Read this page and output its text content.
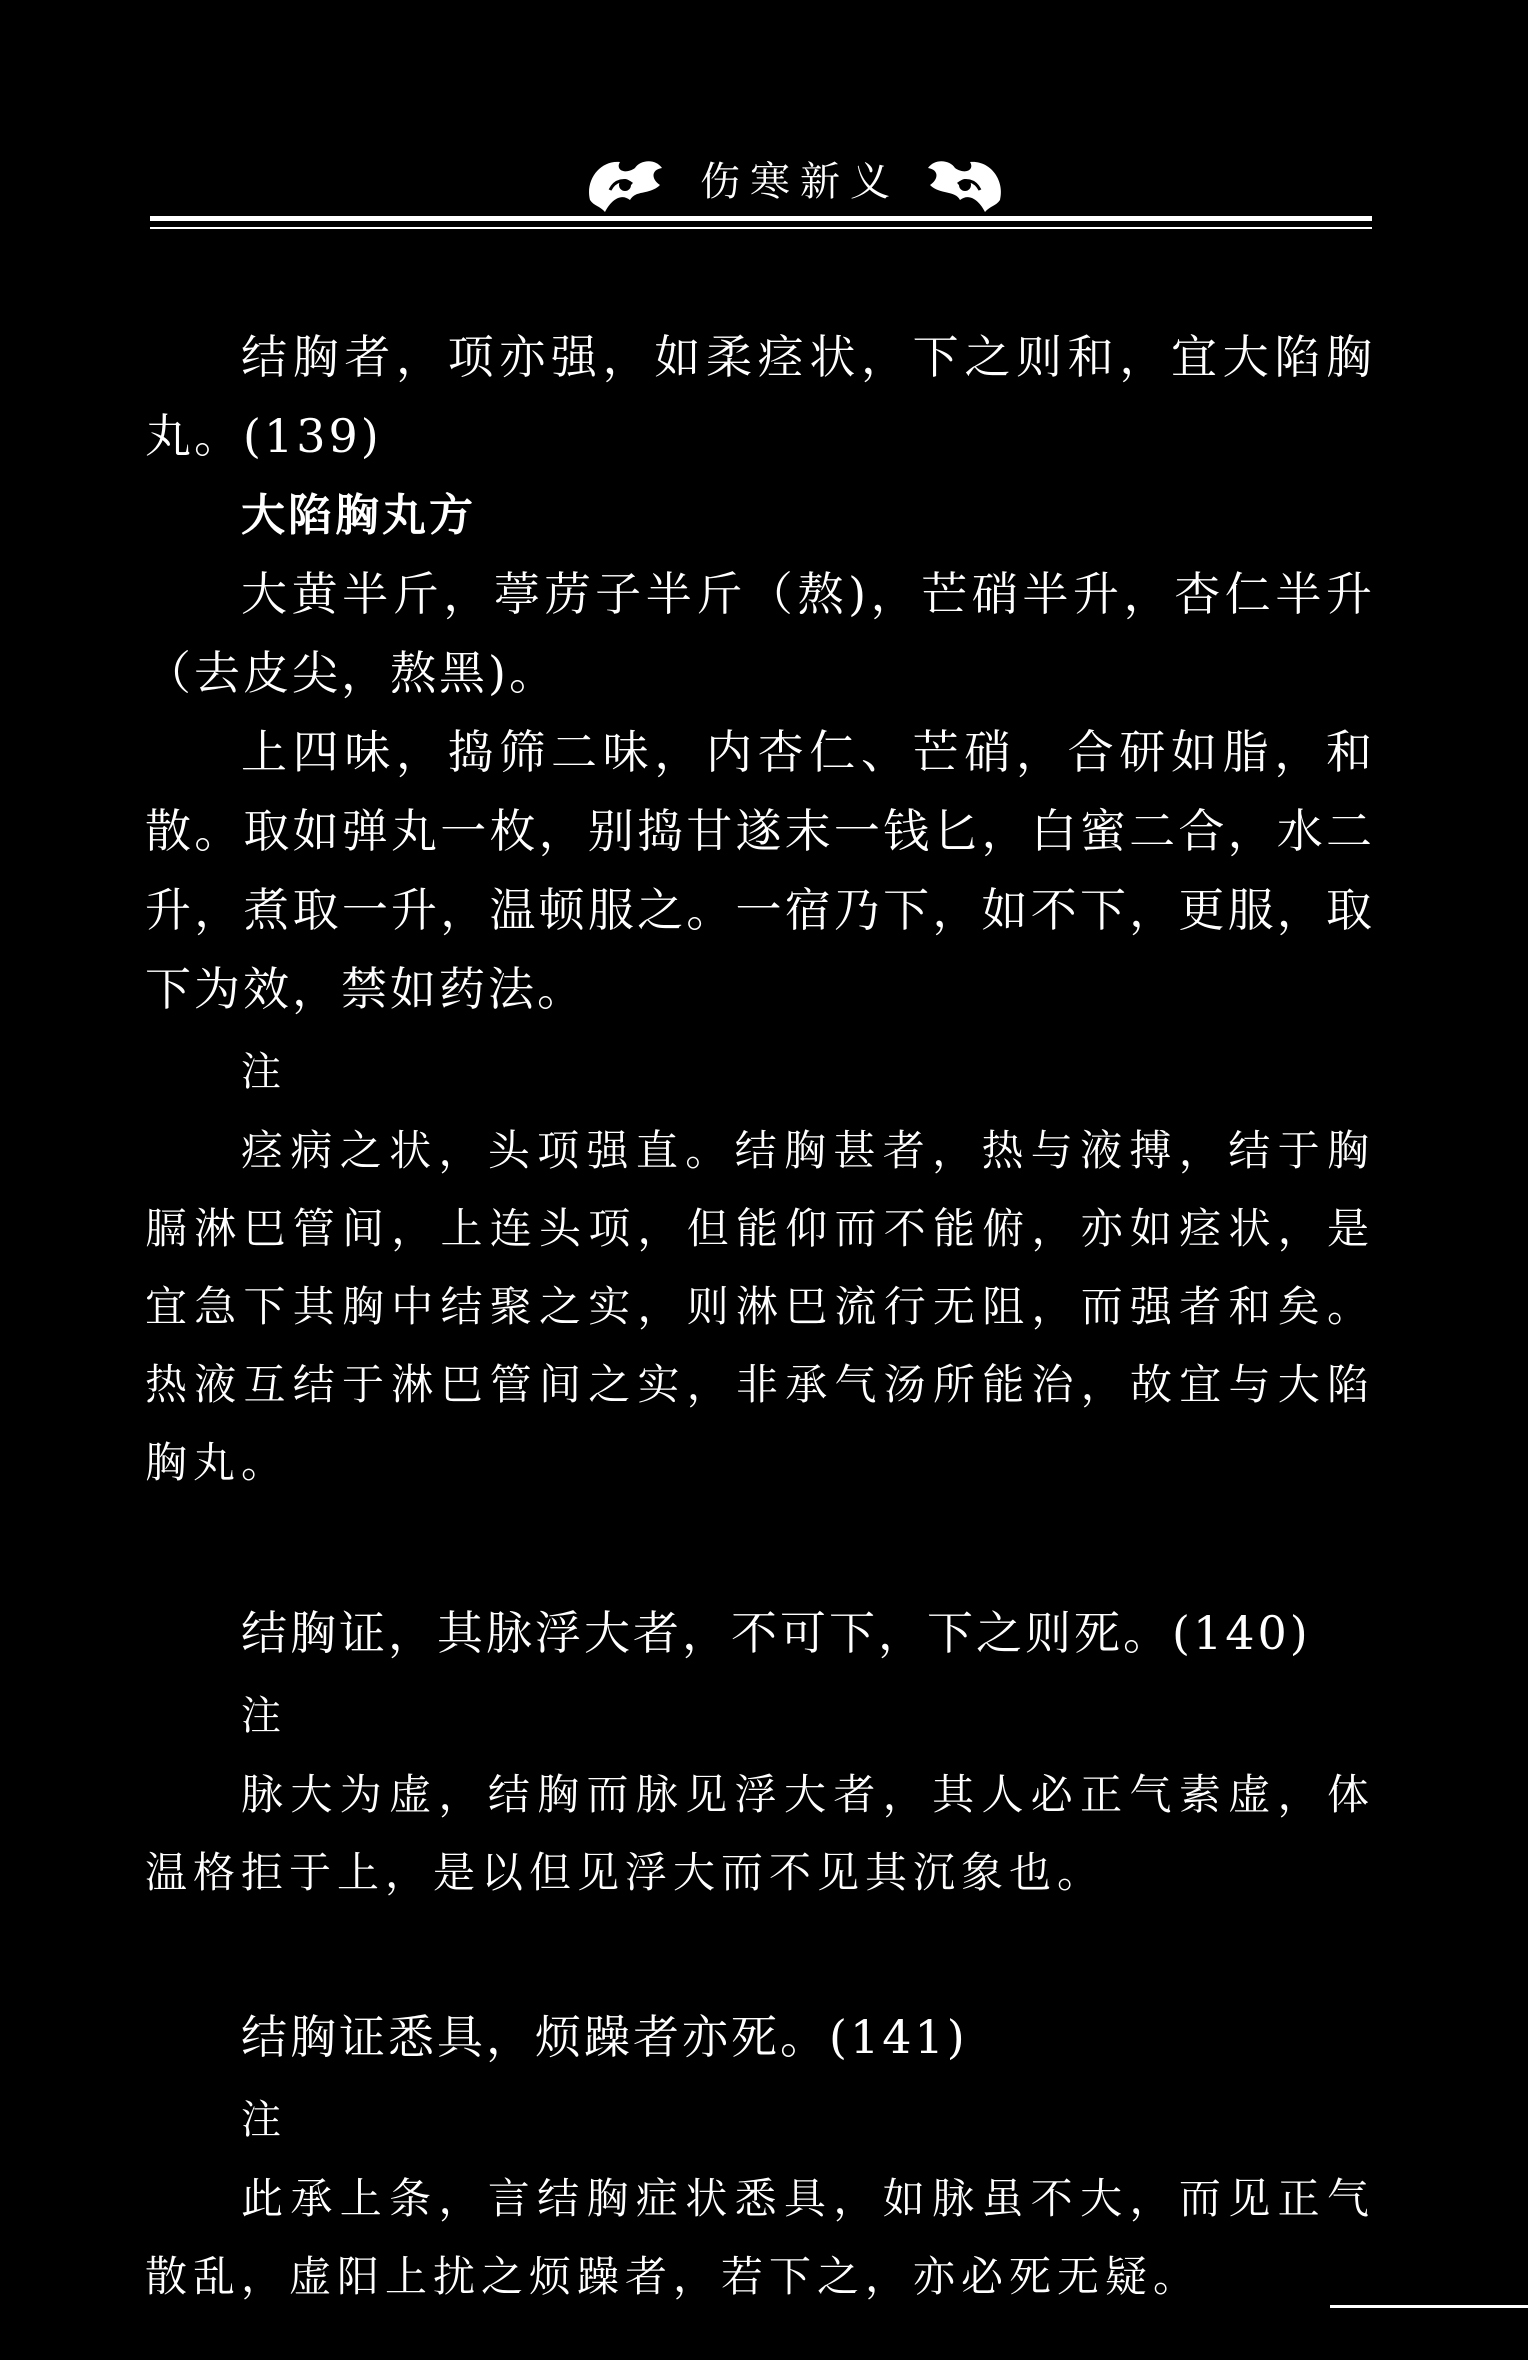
伤寒新义

结胸者，项亦强，如柔痉状，下之则和，宜大陷胸丸。(139)

大陷胸丸方

大黄半斤，葶苈子半斤（熬)，芒硝半升，杏仁半升（去皮尖，熬黑)。

上四味，捣筛二味，内杏仁、芒硝，合研如脂，和散。取如弹丸一枚，别捣甘遂末一钱匕，白蜜二合，水二升，煮取一升，温顿服之。一宿乃下，如不下，更服，取下为效，禁如药法。

注

痉病之状，头项强直。结胸甚者，热与液搏，结于胸膈淋巴管间，上连头项，但能仰而不能俯，亦如痉状，是宜急下其胸中结聚之实，则淋巴流行无阻，而强者和矣。热液互结于淋巴管间之实，非承气汤所能治，故宜与大陷胸丸。

结胸证，其脉浮大者，不可下，下之则死。(140)

注

脉大为虚，结胸而脉见浮大者，其人必正气素虚，体温格拒于上，是以但见浮大而不见其沉象也。

结胸证悉具，烦躁者亦死。(141)

注

此承上条，言结胸症状悉具，如脉虽不大，而见正气散乱，虚阳上扰之烦躁者，若下之，亦必死无疑。
